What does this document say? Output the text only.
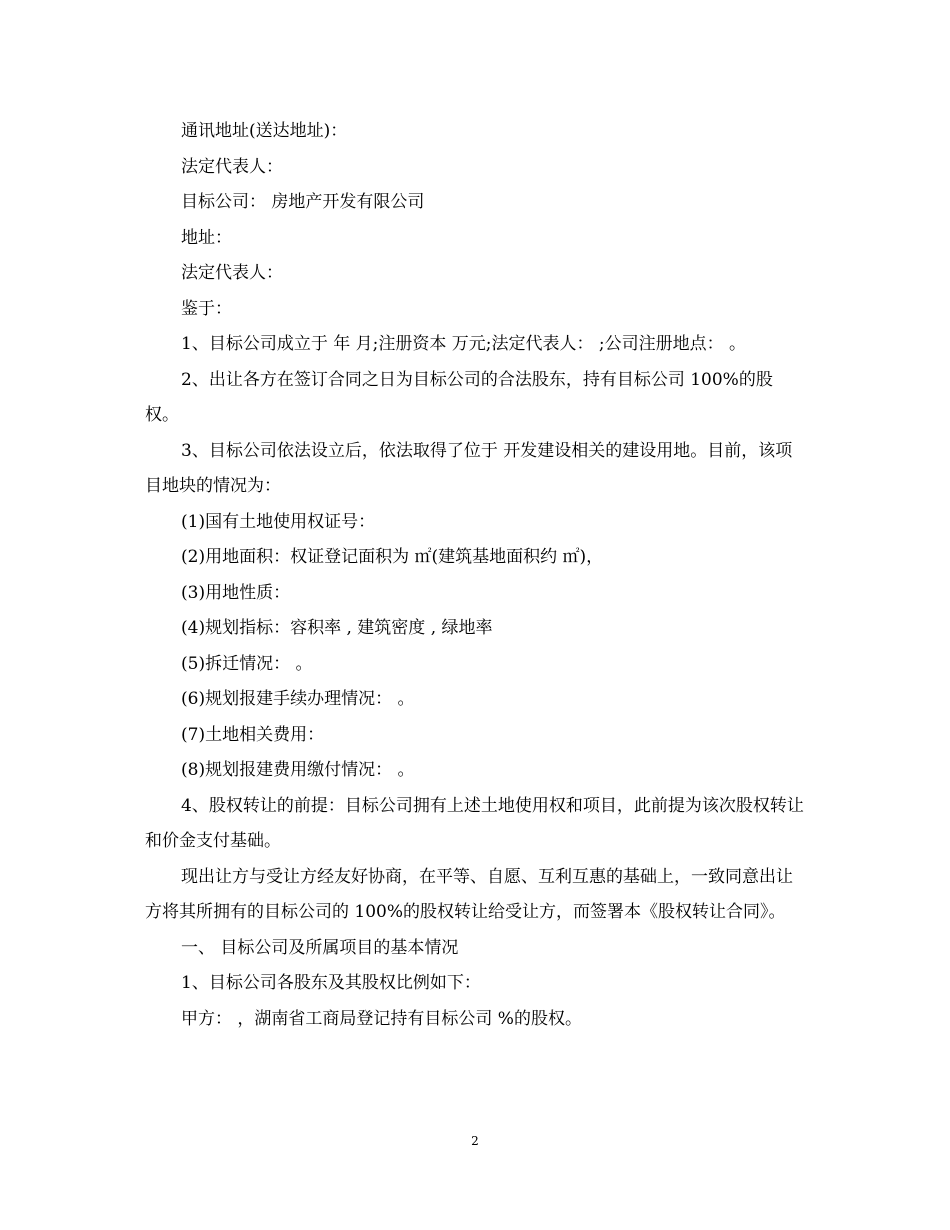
通讯地址(送达地址)：

法定代表人：

目标公司： 房地产开发有限公司

地址：

法定代表人：

鉴于：

1、目标公司成立于 年 月;注册资本 万元;法定代表人： ;公司注册地点： 。

2、出让各方在签订合同之日为目标公司的合法股东，持有目标公司 100%的股权。

3、目标公司依法设立后，依法取得了位于 开发建设相关的建设用地。目前，该项目地块的情况为：

(1)国有土地使用权证号：

(2)用地面积：权证登记面积为 ㎡(建筑基地面积约 ㎡)，

(3)用地性质：

(4)规划指标：容积率 , 建筑密度 , 绿地率

(5)拆迁情况： 。

(6)规划报建手续办理情况： 。

(7)土地相关费用：

(8)规划报建费用缴付情况： 。

4、股权转让的前提：目标公司拥有上述土地使用权和项目，此前提为该次股权转让和价金支付基础。

现出让方与受让方经友好协商，在平等、自愿、互利互惠的基础上，一致同意出让方将其所拥有的目标公司的 100%的股权转让给受让方，而签署本《股权转让合同》。

一、 目标公司及所属项目的基本情况

1、目标公司各股东及其股权比例如下：

甲方： ，湖南省工商局登记持有目标公司 %的股权。

2
